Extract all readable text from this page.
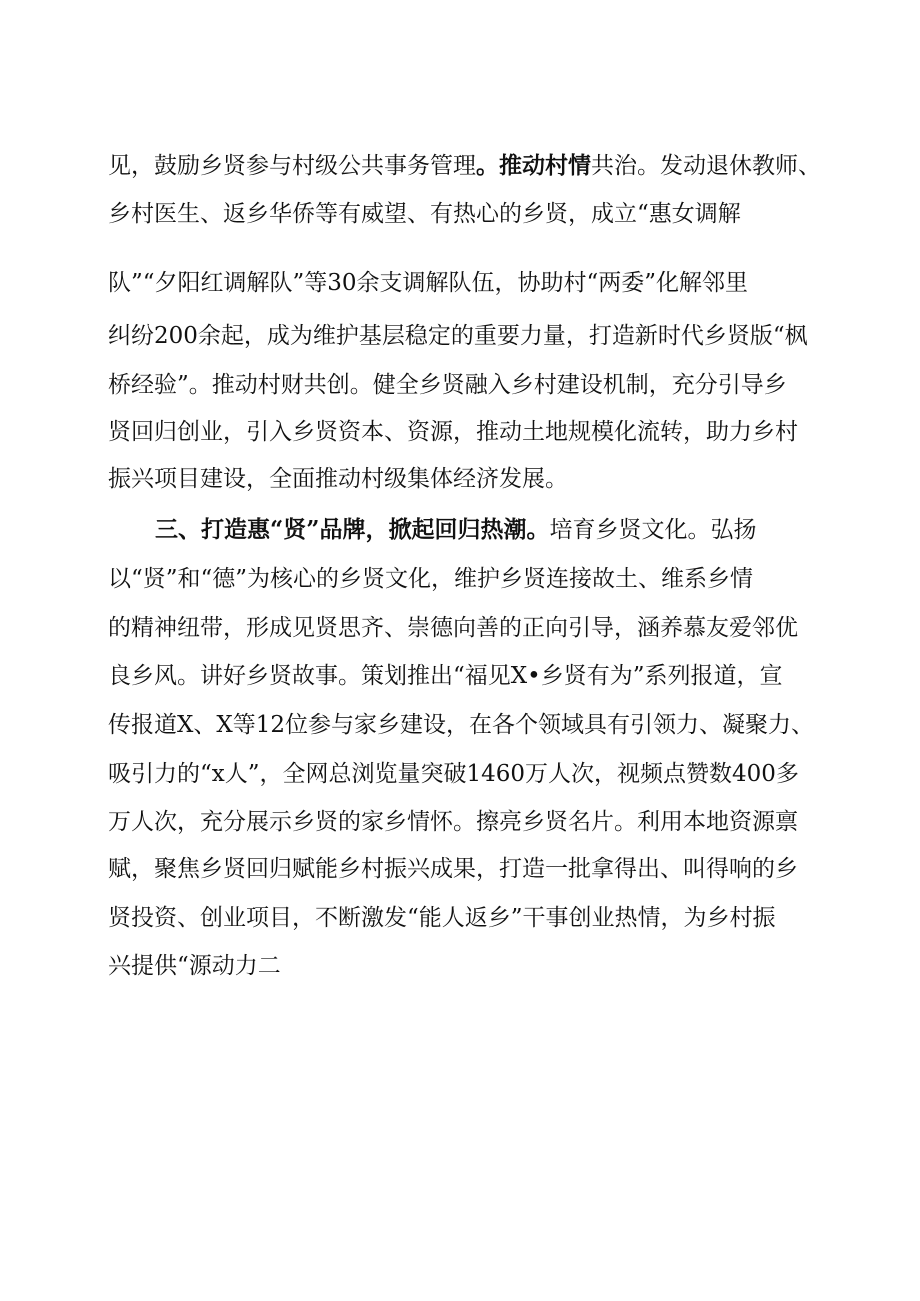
见，鼓励乡贤参与村级公共事务管理。推动村情共治。发动退休教师、
乡村医生、返乡华侨等有威望、有热心的乡贤，成立“惠女调解
队”“夕阳红调解队”等30余支调解队伍，协助村“两委”化解邻里
纠纷200余起，成为维护基层稳定的重要力量，打造新时代乡贤版“枫
桥经验”。推动村财共创。健全乡贤融入乡村建设机制，充分引导乡
贤回归创业，引入乡贤资本、资源，推动土地规模化流转，助力乡村
振兴项目建设，全面推动村级集体经济发展。
三、打造惠“贤”品牌，掀起回归热潮。培育乡贤文化。弘扬
以“贤”和“德”为核心的乡贤文化，维护乡贤连接故土、维系乡情
的精神纽带，形成见贤思齐、崇德向善的正向引导，涵养慕友爱邻优
良乡风。讲好乡贤故事。策划推出“福见X•乡贤有为”系列报道，宣
传报道X、X等12位参与家乡建设，在各个领域具有引领力、凝聚力、
吸引力的“x人”，全网总浏览量突破1460万人次，视频点赞数400多
万人次，充分展示乡贤的家乡情怀。擦亮乡贤名片。利用本地资源禀
赋，聚焦乡贤回归赋能乡村振兴成果，打造一批拿得出、叫得响的乡
贤投资、创业项目，不断激发“能人返乡”干事创业热情，为乡村振
兴提供“源动力二
